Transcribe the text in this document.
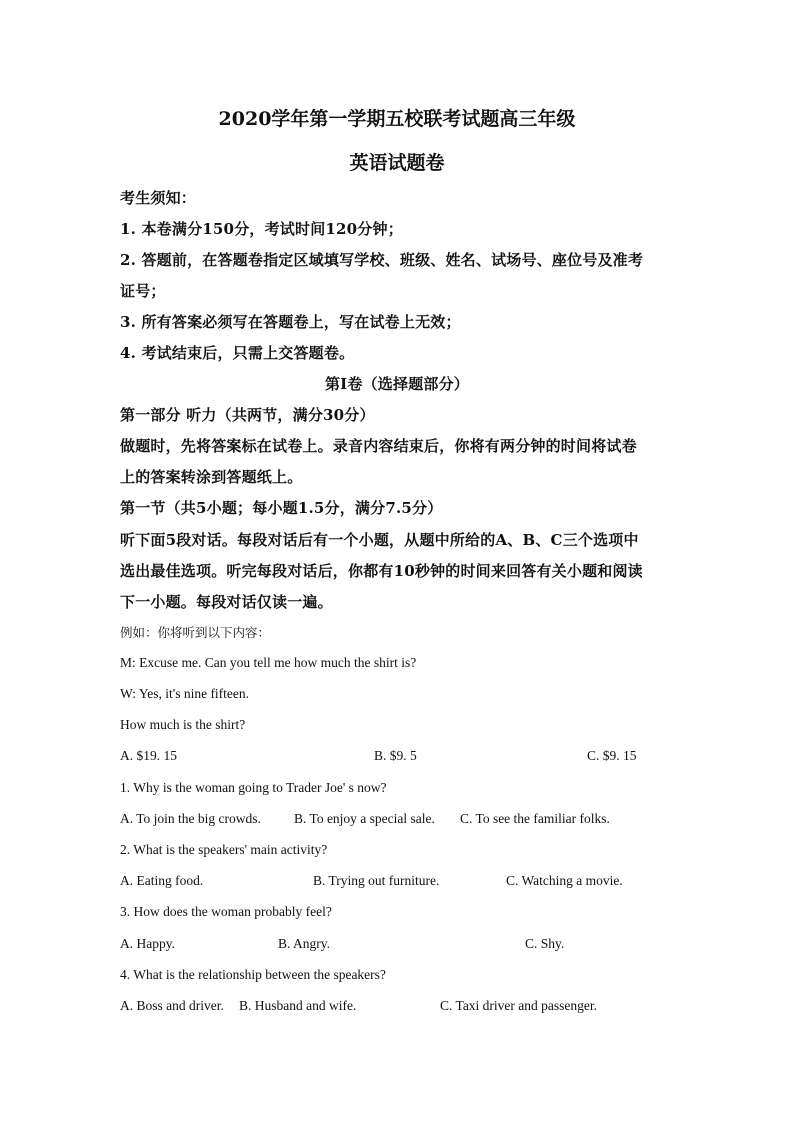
2020学年第一学期五校联考试题高三年级
英语试题卷
考生须知：
1. 本卷满分150分，考试时间120分钟；
2. 答题前，在答题卷指定区域填写学校、班级、姓名、试场号、座位号及准考
证号；
3. 所有答案必须写在答题卷上，写在试卷上无效；
4. 考试结束后，只需上交答题卷。
第Ⅰ卷（选择题部分）
第一部分 听力（共两节，满分30分）
做题时，先将答案标在试卷上。录音内容结束后，你将有两分钟的时间将试卷
上的答案转涂到答题纸上。
第一节（共5小题；每小题1.5分，满分7.5分）
听下面5段对话。每段对话后有一个小题，从题中所给的A、B、C三个选项中
选出最佳选项。听完每段对话后，你都有10秒钟的时间来回答有关小题和阅读
下一小题。每段对话仅读一遍。
例如：你将听到以下内容：
M: Excuse me. Can you tell me how much the shirt is?
W: Yes, it's nine fifteen.
How much is the shirt?
A. $19. 15	B. $9. 5	C. $9. 15
1. Why is the woman going to Trader Joe' s now?
A. To join the big crowds. B. To enjoy a special sale. C. To see the familiar folks.
2. What is the speakers' main activity?
A. Eating food.	B. Trying out furniture.	C. Watching a movie.
3. How does the woman probably feel?
A. Happy.	B. Angry.	C. Shy.
4. What is the relationship between the speakers?
A. Boss and driver. B. Husband and wife.	C. Taxi driver and passenger.
